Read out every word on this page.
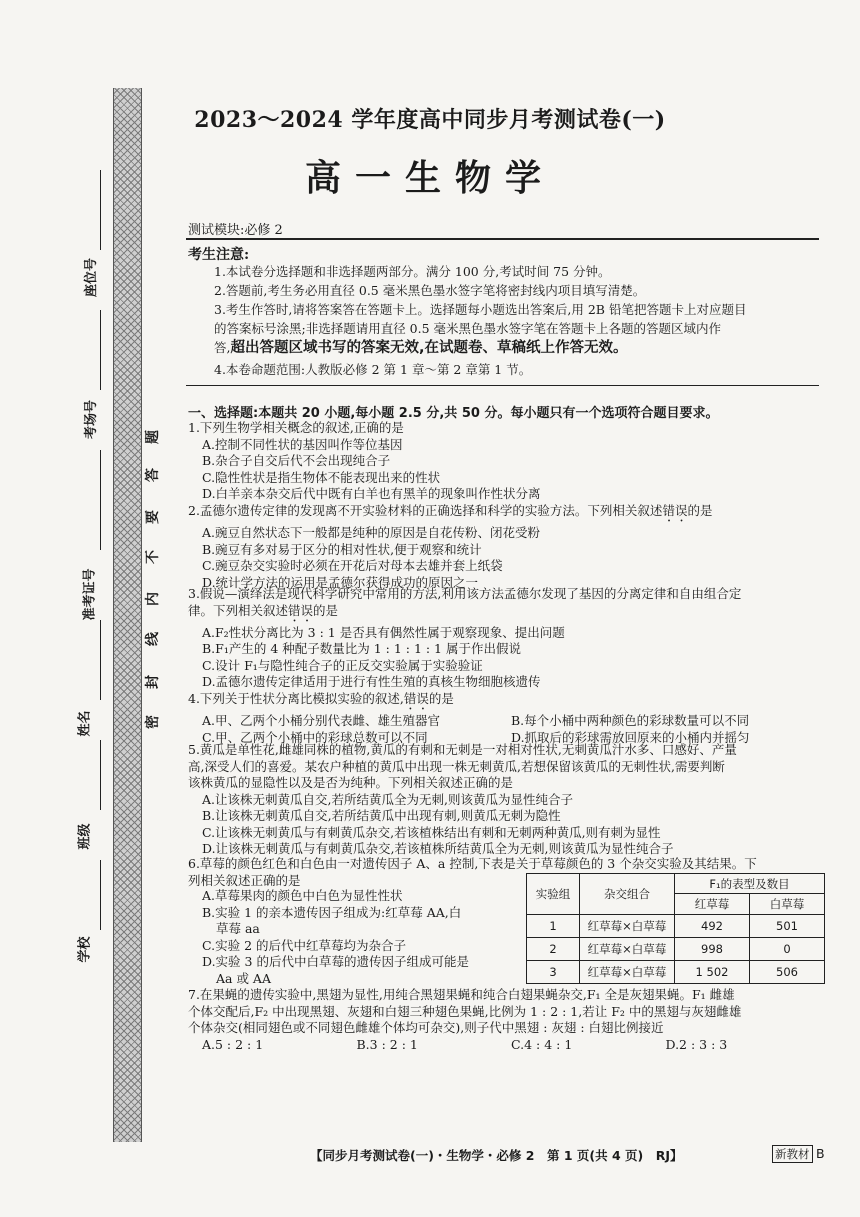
题
答
要
不
内
线
封
密
座位号
考场号
准考证号
姓名
班级
学校
2023～2024 学年度高中同步月考测试卷(一)
高一生物学
测试模块:必修 2
考生注意:
1.本试卷分选择题和非选择题两部分。满分 100 分,考试时间 75 分钟。
2.答题前,考生务必用直径 0.5 毫米黑色墨水签字笔将密封线内项目填写清楚。
3.考生作答时,请将答案答在答题卡上。选择题每小题选出答案后,用 2B 铅笔把答题卡上对应题目
的答案标号涂黑;非选择题请用直径 0.5 毫米黑色墨水签字笔在答题卡上各题的答题区域内作
答,超出答题区域书写的答案无效,在试题卷、草稿纸上作答无效。
4.本卷命题范围:人教版必修 2 第 1 章～第 2 章第 1 节。
一、选择题:本题共 20 小题,每小题 2.5 分,共 50 分。每小题只有一个选项符合题目要求。
1.下列生物学相关概念的叙述,正确的是
A.控制不同性状的基因叫作等位基因
B.杂合子自交后代不会出现纯合子
C.隐性性状是指生物体不能表现出来的性状
D.白羊亲本杂交后代中既有白羊也有黑羊的现象叫作性状分离
2.孟德尔遗传定律的发现离不开实验材料的正确选择和科学的实验方法。下列相关叙述错误的是
A.豌豆自然状态下一般都是纯种的原因是自花传粉、闭花受粉
B.豌豆有多对易于区分的相对性状,便于观察和统计
C.豌豆杂交实验时必须在开花后对母本去雄并套上纸袋
D.统计学方法的运用是孟德尔获得成功的原因之一
3.假说—演绎法是现代科学研究中常用的方法,利用该方法孟德尔发现了基因的分离定律和自由组合定
律。下列相关叙述错误的是
A.F₂性状分离比为 3 : 1 是否具有偶然性属于观察现象、提出问题
B.F₁产生的 4 种配子数量比为 1 : 1 : 1 : 1 属于作出假说
C.设计 F₁与隐性纯合子的正反交实验属于实验验证
D.孟德尔遗传定律适用于进行有性生殖的真核生物细胞核遗传
4.下列关于性状分离比模拟实验的叙述,错误的是
A.甲、乙两个小桶分别代表雌、雄生殖器官	B.每个小桶中两种颜色的彩球数量可以不同
C.甲、乙两个小桶中的彩球总数可以不同	D.抓取后的彩球需放回原来的小桶内并摇匀
5.黄瓜是单性花,雌雄同株的植物,黄瓜的有刺和无刺是一对相对性状,无刺黄瓜汁水多、口感好、产量
高,深受人们的喜爱。某农户种植的黄瓜中出现一株无刺黄瓜,若想保留该黄瓜的无刺性状,需要判断
该株黄瓜的显隐性以及是否为纯种。下列相关叙述正确的是
A.让该株无刺黄瓜自交,若所结黄瓜全为无刺,则该黄瓜为显性纯合子
B.让该株无刺黄瓜自交,若所结黄瓜中出现有刺,则黄瓜无刺为隐性
C.让该株无刺黄瓜与有刺黄瓜杂交,若该植株结出有刺和无刺两种黄瓜,则有刺为显性
D.让该株无刺黄瓜与有刺黄瓜杂交,若该植株所结黄瓜全为无刺,则该黄瓜为显性纯合子
6.草莓的颜色红色和白色由一对遗传因子 A、a 控制,下表是关于草莓颜色的 3 个杂交实验及其结果。下
列相关叙述正确的是
A.草莓果肉的颜色中白色为显性性状
B.实验 1 的亲本遗传因子组成为:红草莓 AA,白
草莓 aa
C.实验 2 的后代中红草莓均为杂合子
D.实验 3 的后代中白草莓的遗传因子组成可能是
Aa 或 AA
实验组	杂交组合	F₁的表型及数目	
		红草莓	白草莓
1	红草莓×白草莓	492	501
2	红草莓×白草莓	998	0
3	红草莓×白草莓	1 502	506
7.在果蝇的遗传实验中,黑翅为显性,用纯合黑翅果蝇和纯合白翅果蝇杂交,F₁ 全是灰翅果蝇。F₁ 雌雄
个体交配后,F₂ 中出现黑翅、灰翅和白翅三种翅色果蝇,比例为 1 : 2 : 1,若让 F₂ 中的黑翅与灰翅雌雄
个体杂交(相同翅色或不同翅色雌雄个体均可杂交),则子代中黑翅 : 灰翅 : 白翅比例接近
A.5 : 2 : 1	B.3 : 2 : 1	C.4 : 4 : 1	D.2 : 3 : 3
【同步月考测试卷(一)・生物学・必修 2　第 1 页(共 4 页)　RJ】	新教材 B
